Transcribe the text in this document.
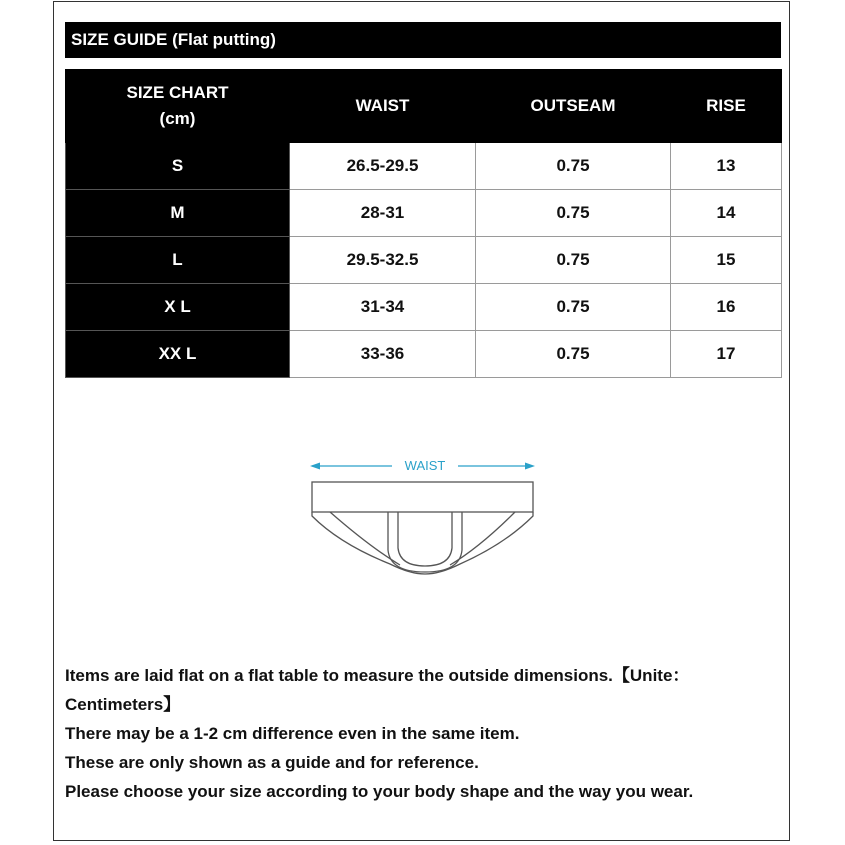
SIZE GUIDE (Flat putting)
SIZE CHART
(cm)	WAIST	OUTSEAM	RISE
S	26.5-29.5	0.75	13
M	28-31	0.75	14
L	29.5-32.5	0.75	15
X L	31-34	0.75	16
XX L	33-36	0.75	17
WAIST
Items are laid flat on a flat table to measure the outside dimensions.【Unite：Centimeters】
There may be a 1-2 cm difference even in the same item.
These are only shown as a guide and for reference.
Please choose your size according to your body shape and the way you wear.
